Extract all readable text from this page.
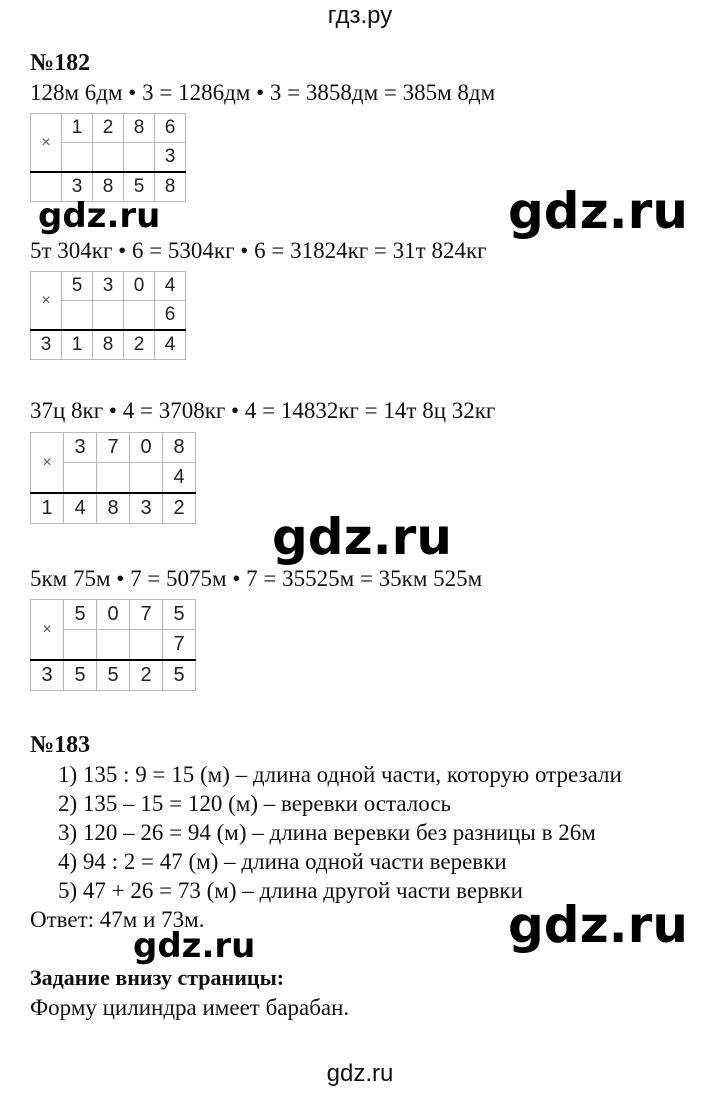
гдз.ру
№182
128м 6дм • 3 = 1286дм • 3 = 3858дм = 385м 8дм
×	1	2	8	6
				3
	3	8	5	8
gdz.ru	gdz.ru
5т 304кг • 6 = 5304кг • 6 = 31824кг = 31т 824кг
×	5	3	0	4
				6
3	1	8	2	4
37ц 8кг • 4 = 3708кг • 4 = 14832кг = 14т 8ц 32кг
×	3	7	0	8
				4
1	4	8	3	2 gdz.ru
5км 75м • 7 = 5075м • 7 = 35525м = 35км 525м
×	5	0	7	5
				7
3	5	5	2	5
№183
1) 135 : 9 = 15 (м) – длина одной части, которую отрезали
2) 135 – 15 = 120 (м) – веревки осталось
3) 120 – 26 = 94 (м) – длина веревки без разницы в 26м
4) 94 : 2 = 47 (м) – длина одной части веревки
5) 47 + 26 = 73 (м) – длина другой части вервки
Ответ: 47м и 73м.
gdz.ru	gdz.ru
Задание внизу страницы:
Форму цилиндра имеет барабан.
gdz.ru
